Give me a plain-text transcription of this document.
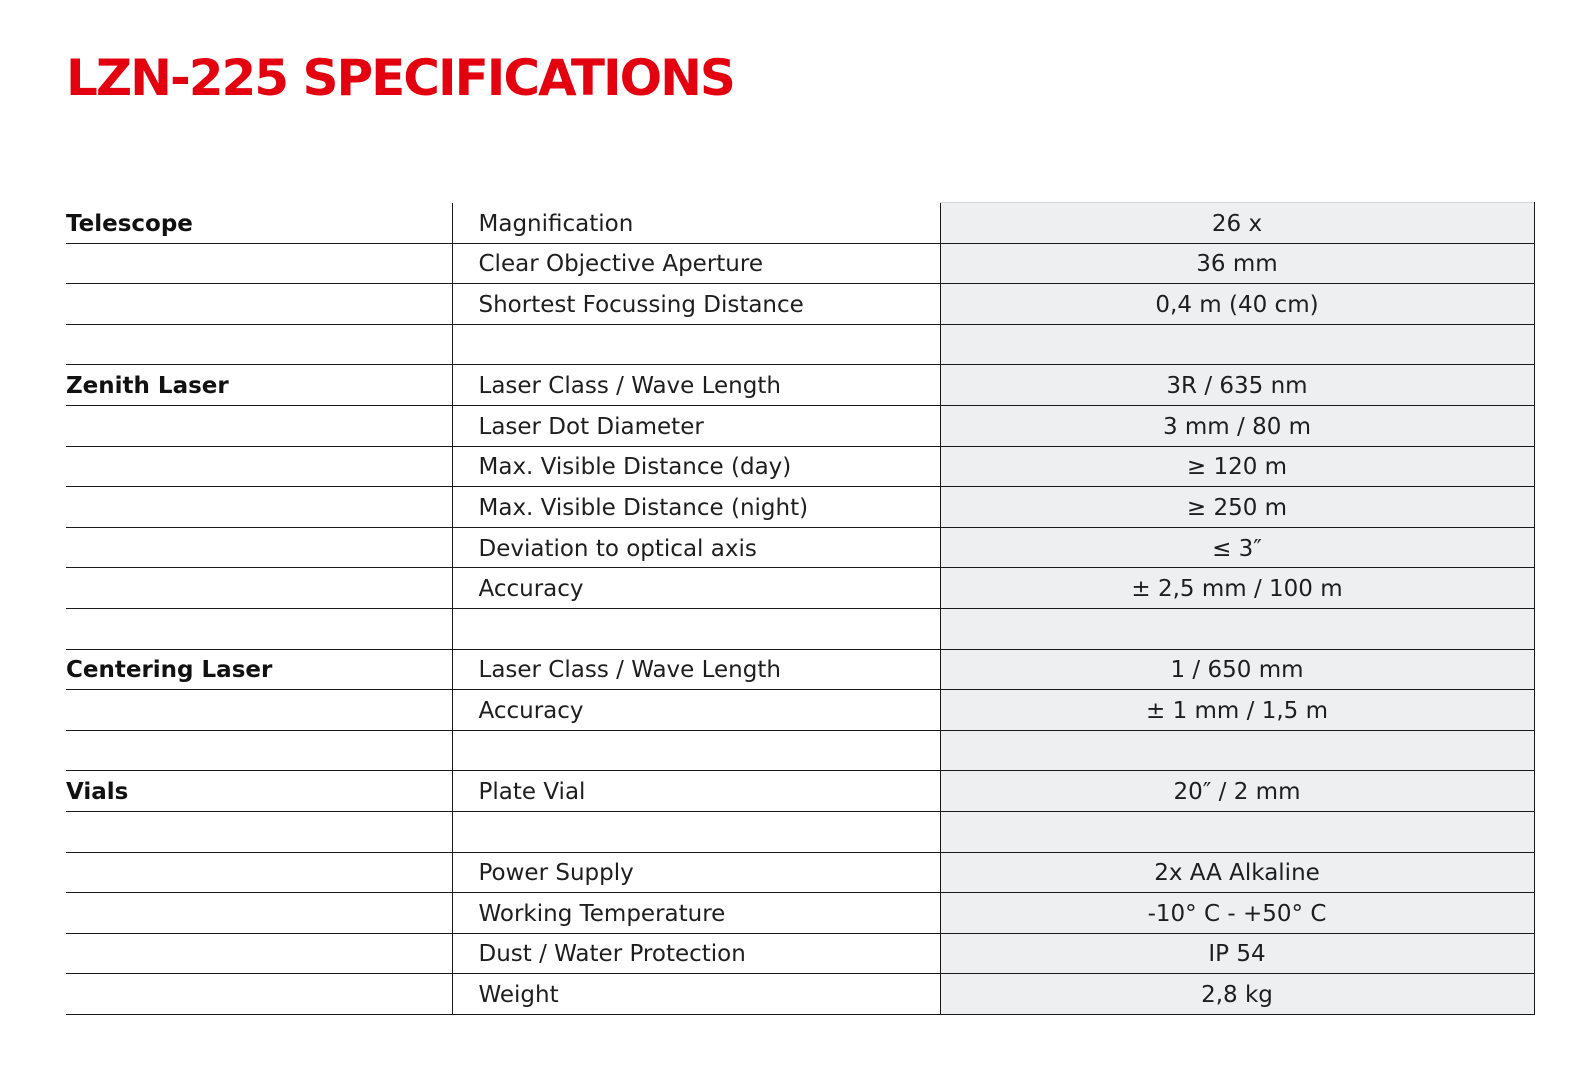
LZN-225 SPECIFICATIONS
Telescope	Magnification	26 x
	Clear Objective Aperture	36 mm
	Shortest Focussing Distance	0,4 m (40 cm)

Zenith Laser	Laser Class / Wave Length	3R / 635 nm
	Laser Dot Diameter	3 mm / 80 m
	Max. Visible Distance (day)	≥ 120 m
	Max. Visible Distance (night)	≥ 250 m
	Deviation to optical axis	≤ 3″
	Accuracy	± 2,5 mm / 100 m

Centering Laser	Laser Class / Wave Length	1 / 650 mm
	Accuracy	± 1 mm / 1,5 m

Vials	Plate Vial	20″ / 2 mm

	Power Supply	2x AA Alkaline
	Working Temperature	-10° C - +50° C
	Dust / Water Protection	IP 54
	Weight	2,8 kg
